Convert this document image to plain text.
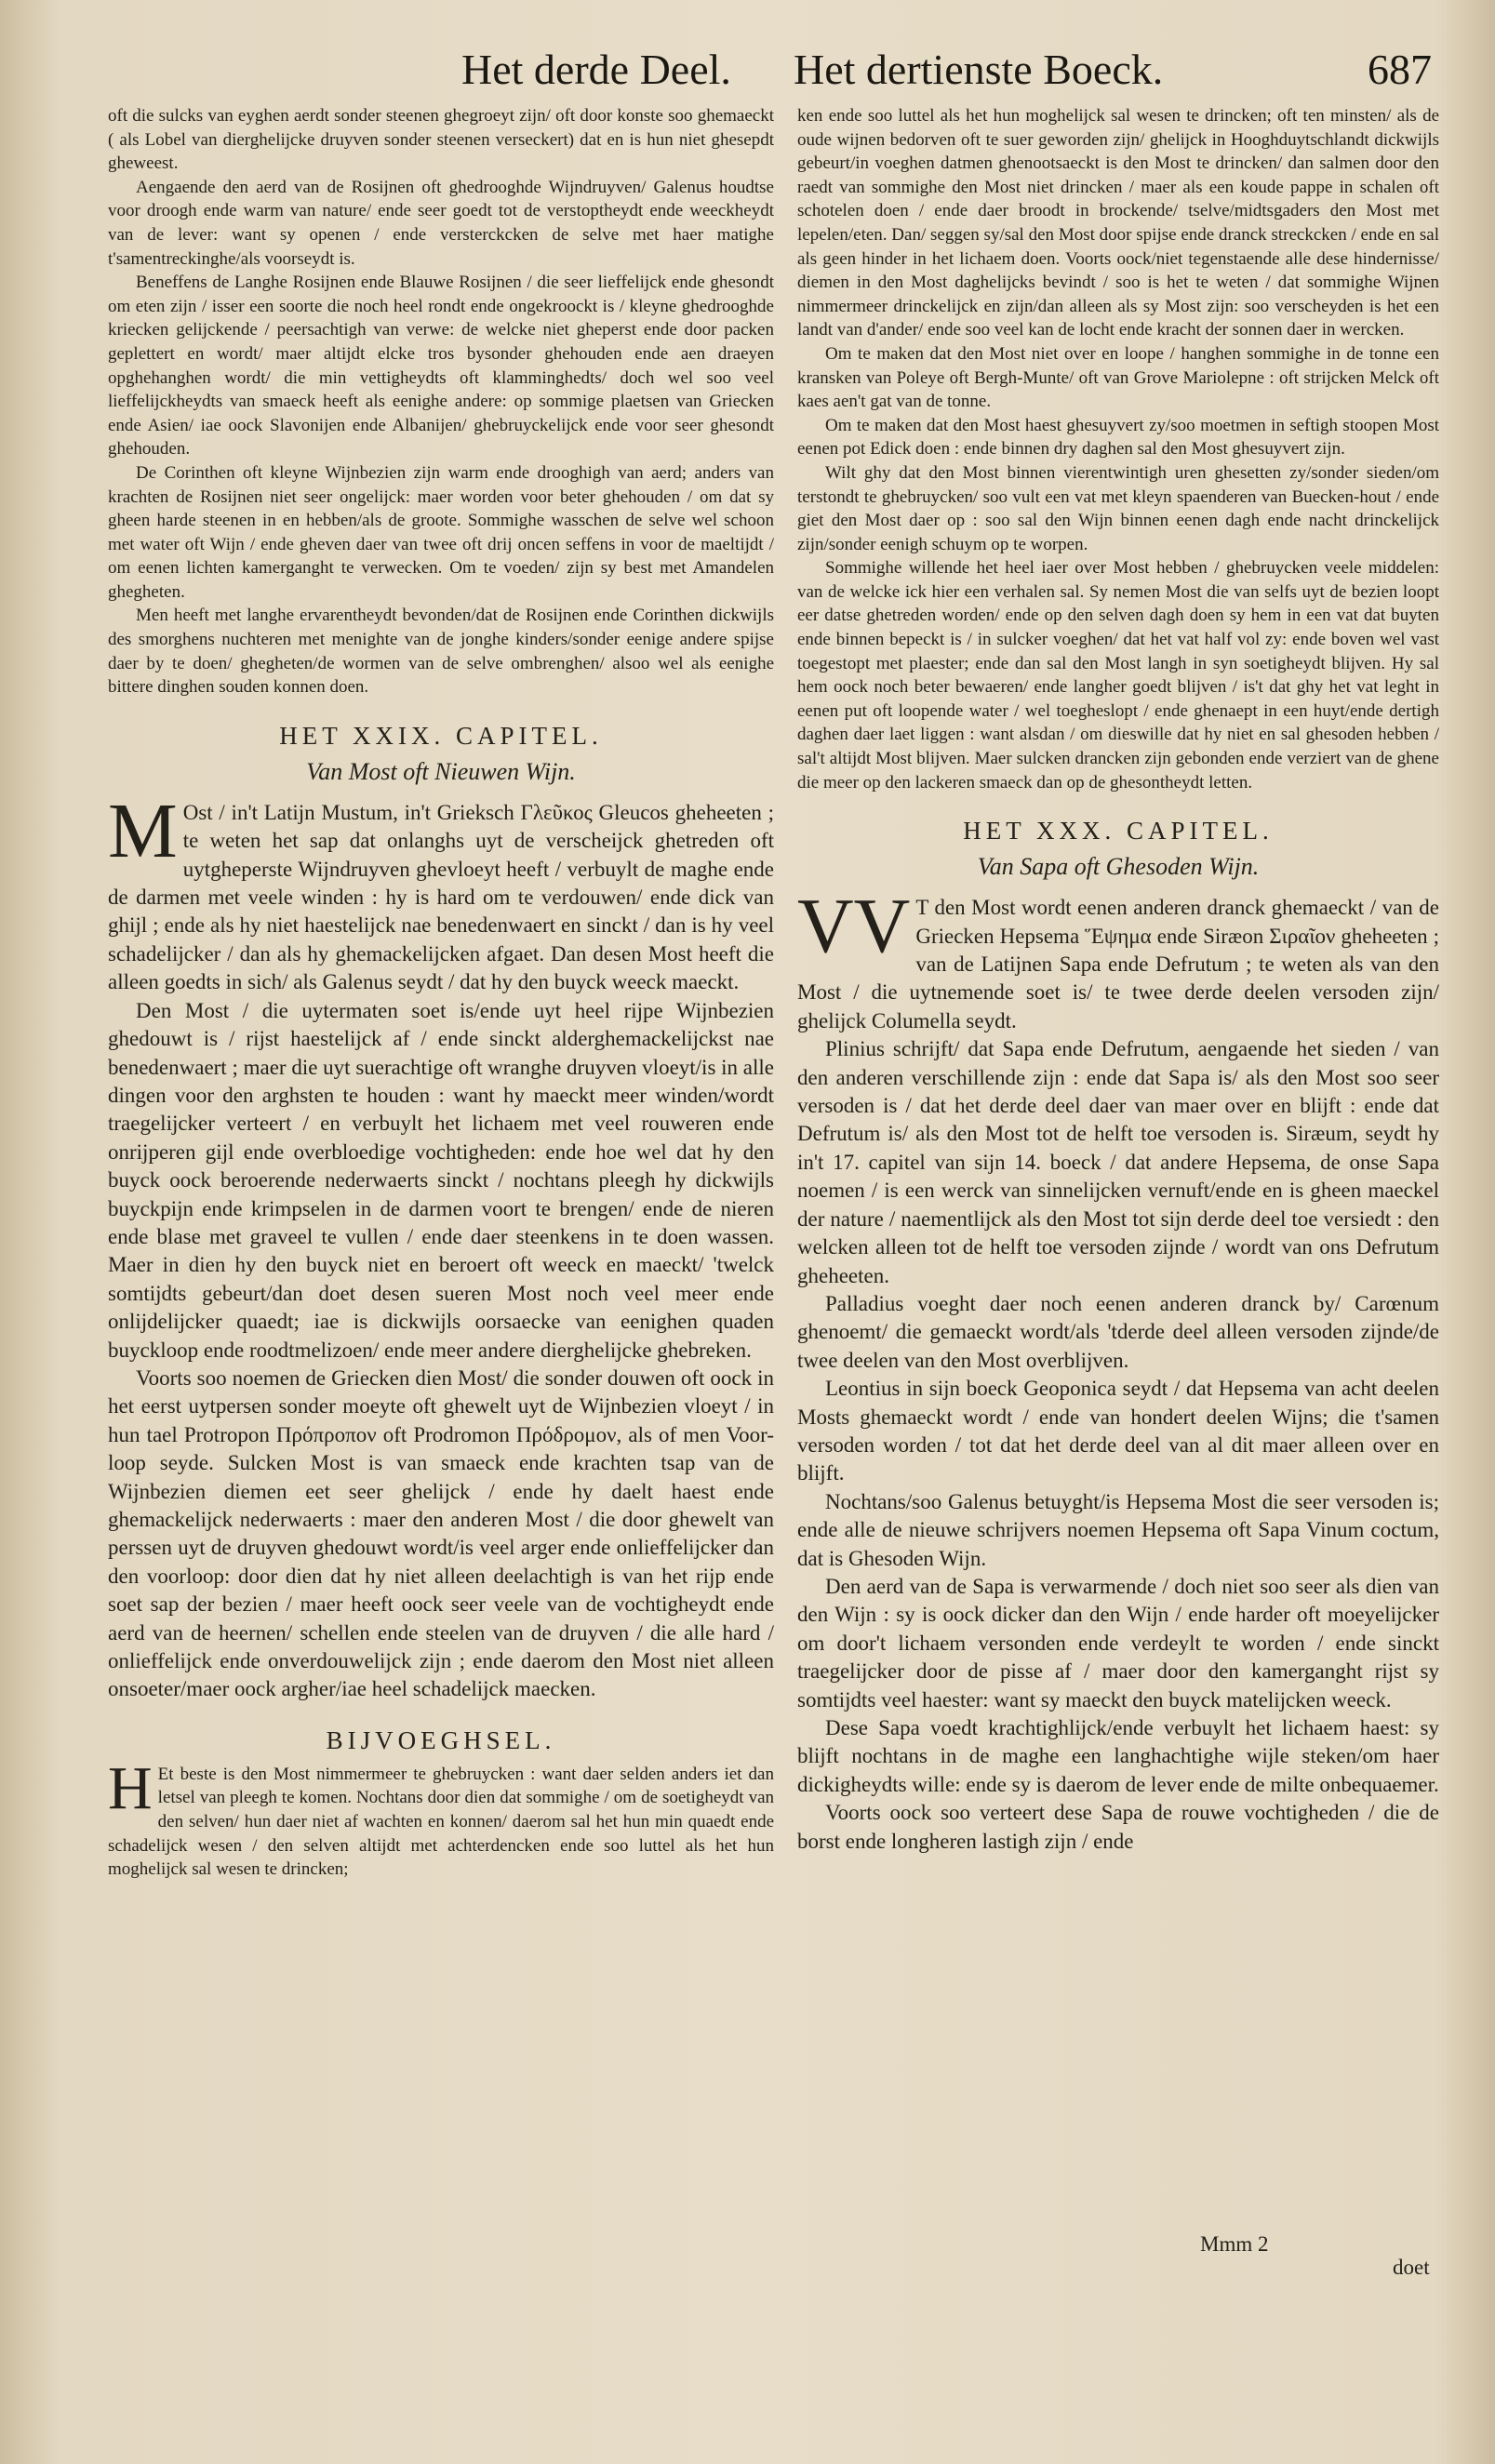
Het derde Deel. Het dertienste Boeck.	687

oft die sulcks van eyghen aerdt sonder steenen ghegroeyt zijn/ oft door konste soo ghemaeckt ( als Lobel van dierghelijcke druyven sonder steenen verseckert) dat en is hun niet ghesepdt gheweest.

Aengaende den aerd van de Rosijnen oft ghedrooghde Wijndruyven/ Galenus houdtse voor droogh ende warm van nature/ ende seer goedt tot de verstoptheydt ende weeckheydt van de lever: want sy openen / ende versterckcken de selve met haer matighe t'samentreckinghe/als voorseydt is.

Beneffens de Langhe Rosijnen ende Blauwe Rosijnen / die seer lieffelijck ende ghesondt om eten zijn / isser een soorte die noch heel rondt ende ongekroockt is / kleyne ghedrooghde kriecken gelijckende / peersachtigh van verwe: de welcke niet gheperst ende door packen geplettert en wordt/ maer altijdt elcke tros bysonder ghehouden ende aen draeyen opghehanghen wordt/ die min vettigheydts oft klamminghedts/ doch wel soo veel lieffelijckheydts van smaeck heeft als eenighe andere: op sommige plaetsen van Griecken ende Asien/ iae oock Slavonijen ende Albanijen/ ghebruyckelijck ende voor seer ghesondt ghehouden.

De Corinthen oft kleyne Wijnbezien zijn warm ende drooghigh van aerd; anders van krachten de Rosijnen niet seer ongelijck: maer worden voor beter ghehouden / om dat sy gheen harde steenen in en hebben/als de groote. Sommighe wasschen de selve wel schoon met water oft Wijn / ende gheven daer van twee oft drij oncen seffens in voor de maeltijdt / om eenen lichten kamerganght te verwecken. Om te voeden/ zijn sy best met Amandelen ghegheten.

Men heeft met langhe ervarentheydt bevonden/dat de Rosijnen ende Corinthen dickwijls des smorghens nuchteren met menighte van de jonghe kinders/sonder eenige andere spijse daer by te doen/ ghegheten/de wormen van de selve ombrenghen/ alsoo wel als eenighe bittere dinghen souden konnen doen.

HET XXIX. CAPITEL.
Van Most oft Nieuwen Wijn.

M Ost / in't Latijn Mustum, in't Grieksch Γλεῦκος Gleucos gheheeten ; te weten het sap dat onlanghs uyt de verscheijck ghetreden oft uytgheperste Wijndruyven ghevloeyt heeft / verbuylt de maghe ende de darmen met veele winden : hy is hard om te verdouwen/ ende dick van ghijl ; ende als hy niet haestelijck nae benedenwaert en sinckt / dan is hy veel schadelijcker / dan als hy ghemackelijcken afgaet. Dan desen Most heeft die alleen goedts in sich/ als Galenus seydt / dat hy den buyck weeck maeckt.

Den Most / die uytermaten soet is/ende uyt heel rijpe Wijnbezien ghedouwt is / rijst haestelijck af / ende sinckt alderghemackelijckst nae benedenwaert ; maer die uyt suerachtige oft wranghe druyven vloeyt/is in alle dingen voor den arghsten te houden : want hy maeckt meer winden/wordt traegelijcker verteert / en verbuylt het lichaem met veel rouweren ende onrijperen gijl ende overbloedige vochtigheden: ende hoe wel dat hy den buyck oock beroerende nederwaerts sinckt / nochtans pleegh hy dickwijls buyckpijn ende krimpselen in de darmen voort te brengen/ ende de nieren ende blase met graveel te vullen / ende daer steenkens in te doen wassen. Maer in dien hy den buyck niet en beroert oft weeck en maeckt/ 'twelck somtijdts gebeurt/dan doet desen sueren Most noch veel meer ende onlijdelijcker quaedt; iae is dickwijls oorsaecke van eenighen quaden buyckloop ende roodtmelizoen/ ende meer andere dierghelijcke ghebreken.

Voorts soo noemen de Griecken dien Most/ die sonder douwen oft oock in het eerst uytpersen sonder moeyte oft ghewelt uyt de Wijnbezien vloeyt / in hun tael Protropon Πρόπροπον oft Prodromon Πρόδρομον, als of men Voor-loop seyde. Sulcken Most is van smaeck ende krachten tsap van de Wijnbezien diemen eet seer ghelijck / ende hy daelt haest ende ghemackelijck nederwaerts : maer den anderen Most / die door ghewelt van perssen uyt de druyven ghedouwt wordt/is veel arger ende onlieffelijcker dan den voorloop: door dien dat hy niet alleen deelachtigh is van het rijp ende soet sap der bezien / maer heeft oock seer veele van de vochtigheydt ende aerd van de heernen/ schellen ende steelen van de druyven / die alle hard / onlieffelijck ende onverdouwelijck zijn ; ende daerom den Most niet alleen onsoeter/maer oock argher/iae heel schadelijck maecken.

BIJVOEGHSEL.

H Et beste is den Most nimmermeer te ghebruycken : want daer selden anders iet dan letsel van pleegh te komen. Nochtans door dien dat sommighe / om de soetigheydt van den selven/ hun daer niet af wachten en konnen/ daerom sal het hun min quaedt ende schadelijck wesen / den selven altijdt met achterdencken ende soo luttel als het hun moghelijck sal wesen te drincken;

ken ende soo luttel als het hun moghelijck sal wesen te drincken; oft ten minsten/ als de oude wijnen bedorven oft te suer geworden zijn/ ghelijck in Hooghduytschlandt dickwijls gebeurt/in voeghen datmen ghenootsaeckt is den Most te drincken/ dan salmen door den raedt van sommighe den Most niet drincken / maer als een koude pappe in schalen oft schotelen doen / ende daer broodt in brockende/ tselve/midtsgaders den Most met lepelen/eten. Dan/ seggen sy/sal den Most door spijse ende dranck streckcken / ende en sal als geen hinder in het lichaem doen. Voorts oock/niet tegenstaende alle dese hindernisse/ diemen in den Most daghelijcks bevindt / soo is het te weten / dat sommighe Wijnen nimmermeer drinckelijck en zijn/dan alleen als sy Most zijn: soo verscheyden is het een landt van d'ander/ ende soo veel kan de locht ende kracht der sonnen daer in wercken.

Om te maken dat den Most niet over en loope / hanghen sommighe in de tonne een kransken van Poleye oft Bergh-Munte/ oft van Grove Mariolepne : oft strijcken Melck oft kaes aen't gat van de tonne.

Om te maken dat den Most haest ghesuyvert zy/soo moetmen in seftigh stoopen Most eenen pot Edick doen : ende binnen dry daghen sal den Most ghesuyvert zijn.

Wilt ghy dat den Most binnen vierentwintigh uren ghesetten zy/sonder sieden/om terstondt te ghebruycken/ soo vult een vat met kleyn spaenderen van Buecken-hout / ende giet den Most daer op : soo sal den Wijn binnen eenen dagh ende nacht drinckelijck zijn/sonder eenigh schuym op te worpen.

Sommighe willende het heel iaer over Most hebben / ghebruycken veele middelen: van de welcke ick hier een verhalen sal. Sy nemen Most die van selfs uyt de bezien loopt eer datse ghetreden worden/ ende op den selven dagh doen sy hem in een vat dat buyten ende binnen bepeckt is / in sulcker voeghen/ dat het vat half vol zy: ende boven wel vast toegestopt met plaester; ende dan sal den Most langh in syn soetigheydt blijven. Hy sal hem oock noch beter bewaeren/ ende langher goedt blijven / is't dat ghy het vat leght in eenen put oft loopende water / wel toegheslopt / ende ghenaept in een huyt/ende dertigh daghen daer laet liggen : want alsdan / om dieswille dat hy niet en sal ghesoden hebben / sal't altijdt Most blijven. Maer sulcken drancken zijn gebonden ende verziert van de ghene die meer op den lackeren smaeck dan op de ghesontheydt letten.

HET XXX. CAPITEL.
Van Sapa oft Ghesoden Wijn.

VV T den Most wordt eenen anderen dranck ghemaeckt / van de Griecken Hepsema Ἕψημα ende Siræon Σιραῖον gheheeten ; van de Latijnen Sapa ende Defrutum ; te weten als van den Most / die uytnemende soet is/ te twee derde deelen versoden zijn/ ghelijck Columella seydt.

Plinius schrijft/ dat Sapa ende Defrutum, aengaende het sieden / van den anderen verschillende zijn : ende dat Sapa is/ als den Most soo seer versoden is / dat het derde deel daer van maer over en blijft : ende dat Defrutum is/ als den Most tot de helft toe versoden is. Siræum, seydt hy in't 17. capitel van sijn 14. boeck / dat andere Hepsema, de onse Sapa noemen / is een werck van sinnelijcken vernuft/ende en is gheen maeckel der nature / naementlijck als den Most tot sijn derde deel toe versiedt : den welcken alleen tot de helft toe versoden zijnde / wordt van ons Defrutum gheheeten.

Palladius voeght daer noch eenen anderen dranck by/ Carœnum ghenoemt/ die gemaeckt wordt/als 'tderde deel alleen versoden zijnde/de twee deelen van den Most overblijven.

Leontius in sijn boeck Geoponica seydt / dat Hepsema van acht deelen Mosts ghemaeckt wordt / ende van hondert deelen Wijns; die t'samen versoden worden / tot dat het derde deel van al dit maer alleen over en blijft.

Nochtans/soo Galenus betuyght/is Hepsema Most die seer versoden is; ende alle de nieuwe schrijvers noemen Hepsema oft Sapa Vinum coctum, dat is Ghesoden Wijn.

Den aerd van de Sapa is verwarmende / doch niet soo seer als dien van den Wijn : sy is oock dicker dan den Wijn / ende harder oft moeyelijcker om door't lichaem versonden ende verdeylt te worden / ende sinckt traegelijcker door de pisse af / maer door den kamerganght rijst sy somtijdts veel haester: want sy maeckt den buyck matelijcken weeck.

Dese Sapa voedt krachtighlijck/ende verbuylt het lichaem haest: sy blijft nochtans in de maghe een langhachtighe wijle steken/om haer dickigheydts wille: ende sy is daerom de lever ende de milte onbequaemer.

Voorts oock soo verteert dese Sapa de rouwe vochtigheden / die de borst ende longheren lastigh zijn / ende

Mmm 2
doet
